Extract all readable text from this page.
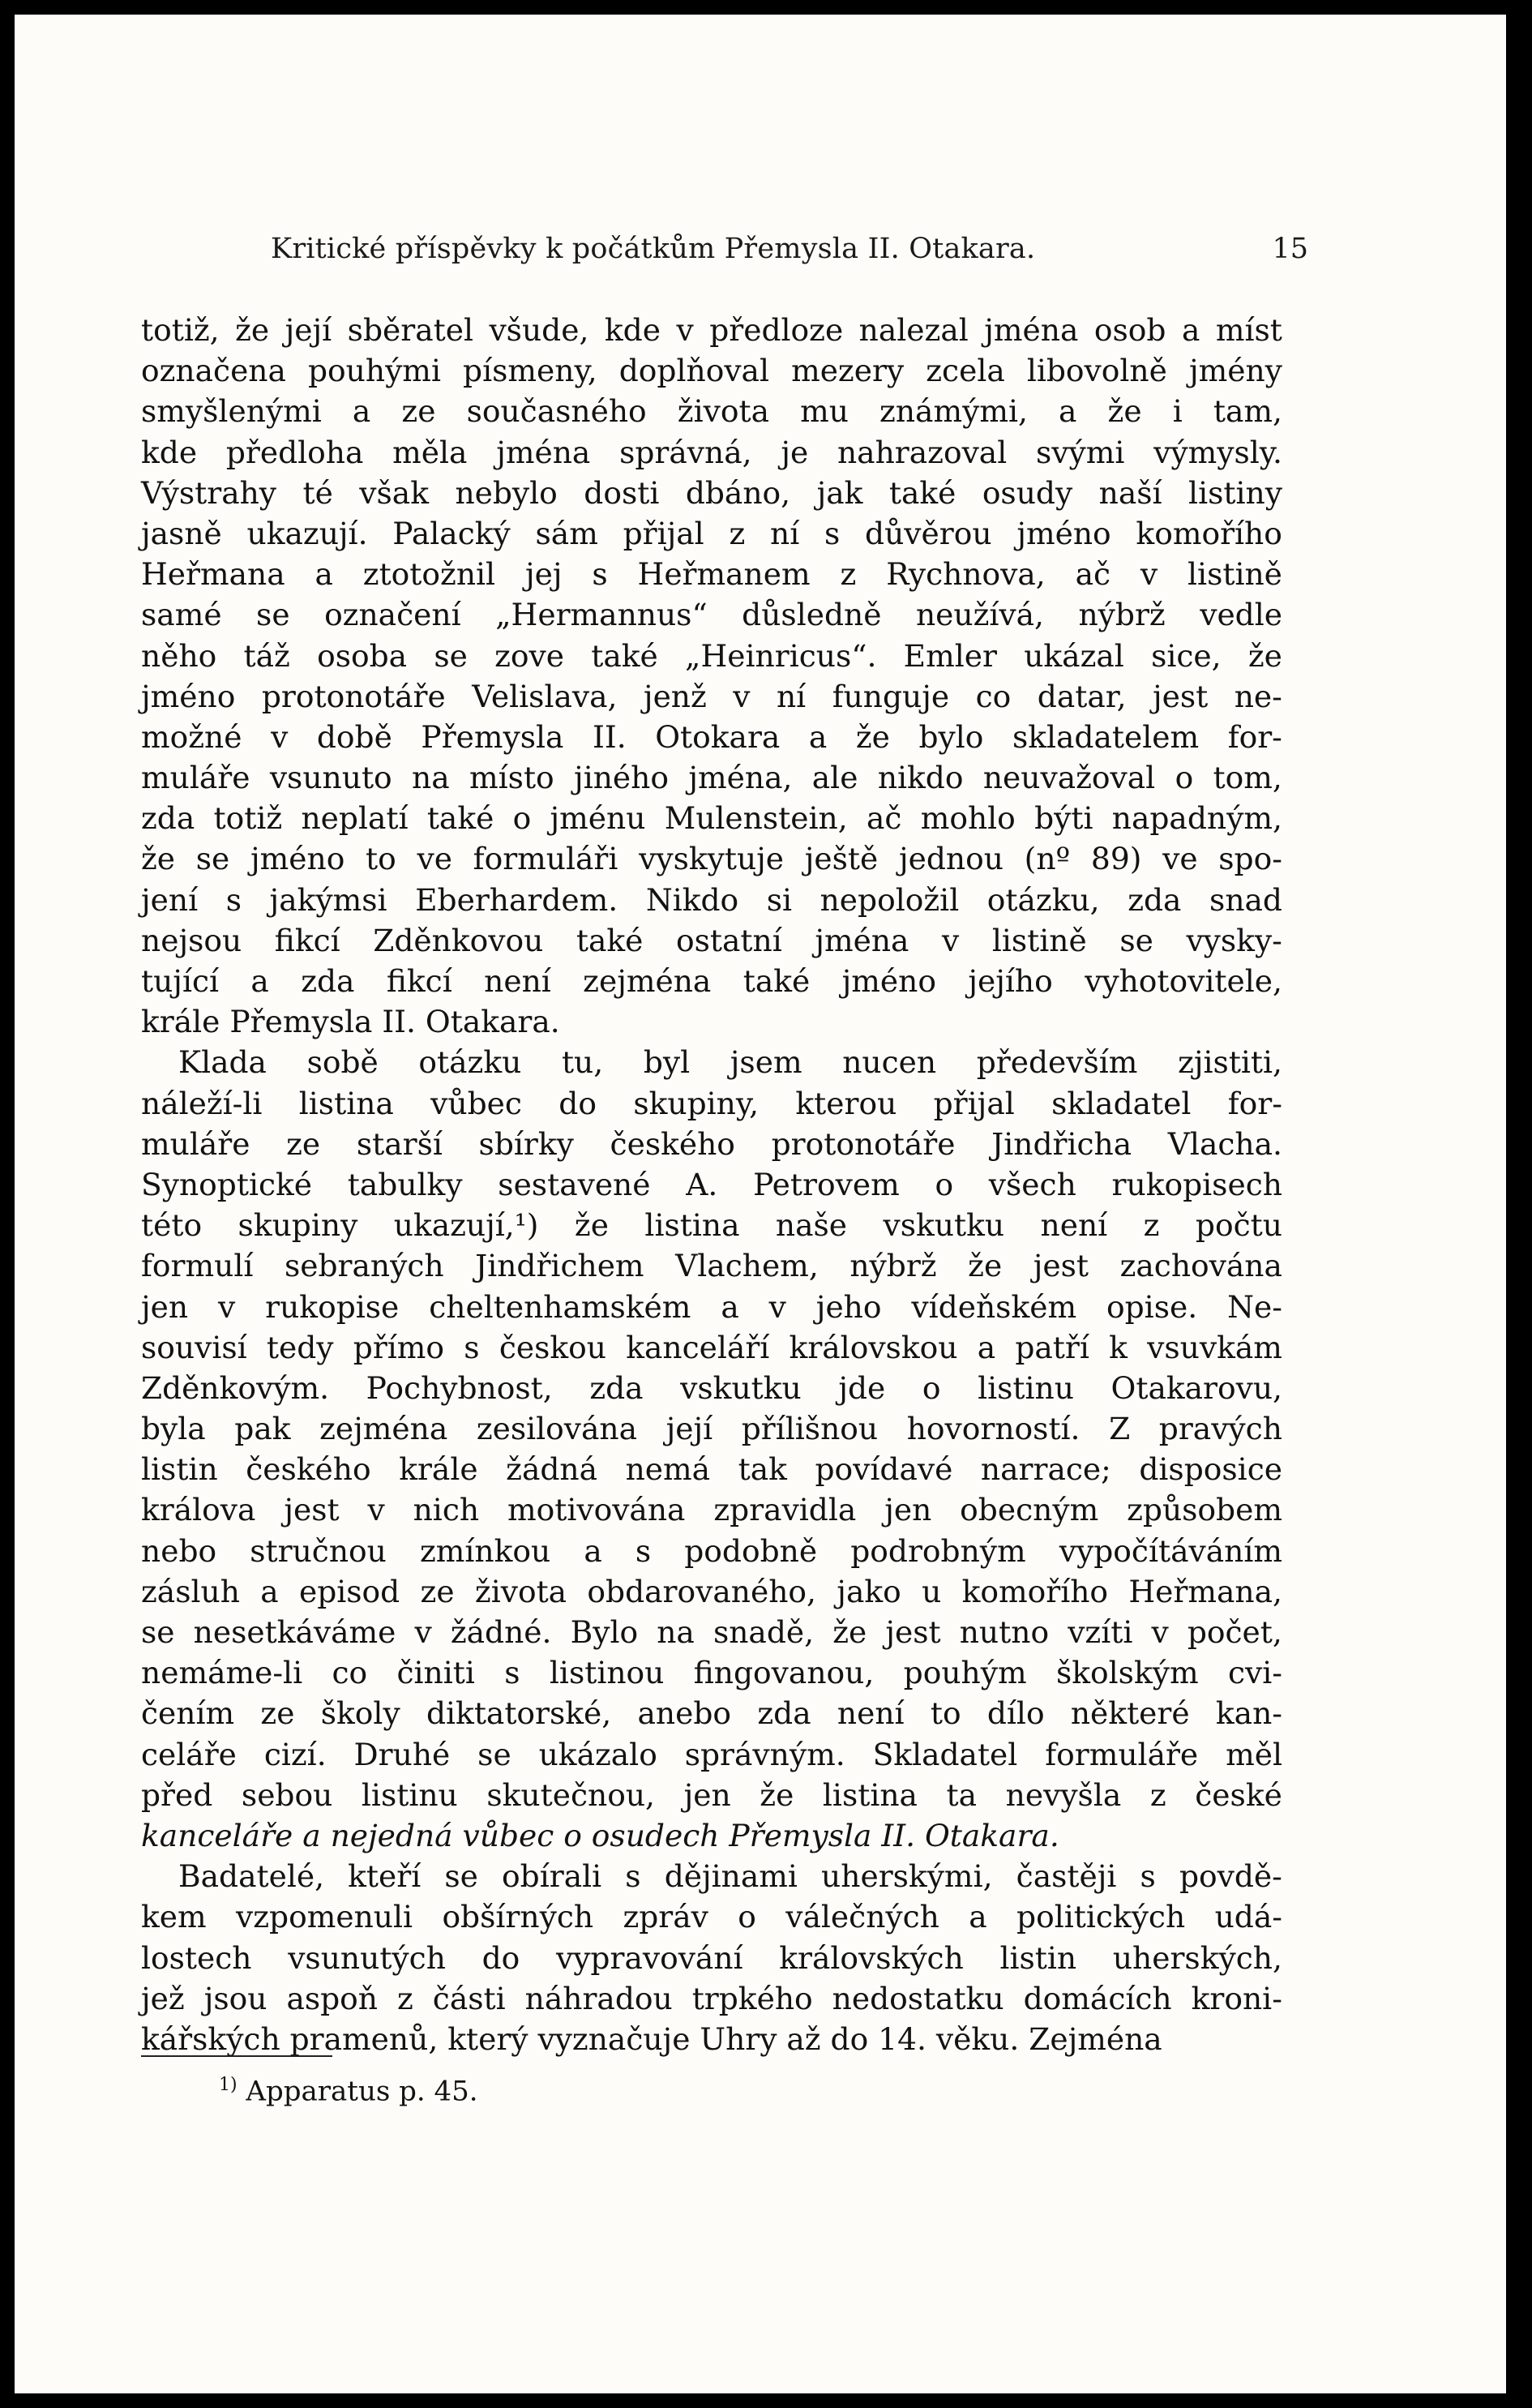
Kritické příspěvky k počátkům Přemysla II. Otakara.	15
totiž, že její sběratel všude, kde v předloze nalezal jména osob a míst
označena pouhými písmeny, doplňoval mezery zcela libovolně jmény
smyšlenými a ze současného života mu známými, a že i tam,
kde předloha měla jména správná, je nahrazoval svými výmysly.
Výstrahy té však nebylo dosti dbáno, jak také osudy naší listiny
jasně ukazují. Palacký sám přijal z ní s důvěrou jméno komořího
Heřmana a ztotožnil jej s Heřmanem z Rychnova, ač v listině
samé se označení „Hermannus“ důsledně neužívá, nýbrž vedle
něho táž osoba se zove také „Heinricus“. Emler ukázal sice, že
jméno protonotáře Velislava, jenž v ní funguje co datar, jest ne-
možné v době Přemysla II. Otokara a že bylo skladatelem for-
muláře vsunuto na místo jiného jména, ale nikdo neuvažoval o tom,
zda totiž neplatí také o jménu Mulenstein, ač mohlo býti napadným,
že se jméno to ve formuláři vyskytuje ještě jednou (nº 89) ve spo-
jení s jakýmsi Eberhardem. Nikdo si nepoložil otázku, zda snad
nejsou fikcí Zděnkovou také ostatní jména v listině se vysky-
tující a zda fikcí není zejména také jméno jejího vyhotovitele,
krále Přemysla II. Otakara.
Klada sobě otázku tu, byl jsem nucen především zjistiti,
náleží-li listina vůbec do skupiny, kterou přijal skladatel for-
muláře ze starší sbírky českého protonotáře Jindřicha Vlacha.
Synoptické tabulky sestavené A. Petrovem o všech rukopisech
této skupiny ukazují,¹) že listina naše vskutku není z počtu
formulí sebraných Jindřichem Vlachem, nýbrž že jest zachována
jen v rukopise cheltenhamském a v jeho vídeňském opise. Ne-
souvisí tedy přímo s českou kanceláří královskou a patří k vsuvkám
Zděnkovým. Pochybnost, zda vskutku jde o listinu Otakarovu,
byla pak zejména zesilována její přílišnou hovorností. Z pravých
listin českého krále žádná nemá tak povídavé narrace; disposice
králova jest v nich motivována zpravidla jen obecným způsobem
nebo stručnou zmínkou a s podobně podrobným vypočítáváním
zásluh a episod ze života obdarovaného, jako u komořího Heřmana,
se nesetkáváme v žádné. Bylo na snadě, že jest nutno vzíti v počet,
nemáme-li co činiti s listinou fingovanou, pouhým školským cvi-
čením ze školy diktatorské, anebo zda není to dílo některé kan-
celáře cizí. Druhé se ukázalo správným. Skladatel formuláře měl
před sebou listinu skutečnou, jen že listina ta nevyšla z české
kanceláře a nejedná vůbec o osudech Přemysla II. Otakara.
Badatelé, kteří se obírali s dějinami uherskými, častěji s povdě-
kem vzpomenuli obšírných zpráv o válečných a politických udá-
lostech vsunutých do vypravování královských listin uherských,
jež jsou aspoň z části náhradou trpkého nedostatku domácích kroni-
kářských pramenů, který vyznačuje Uhry až do 14. věku. Zejména
$^{1)}$ Apparatus p. 45.
